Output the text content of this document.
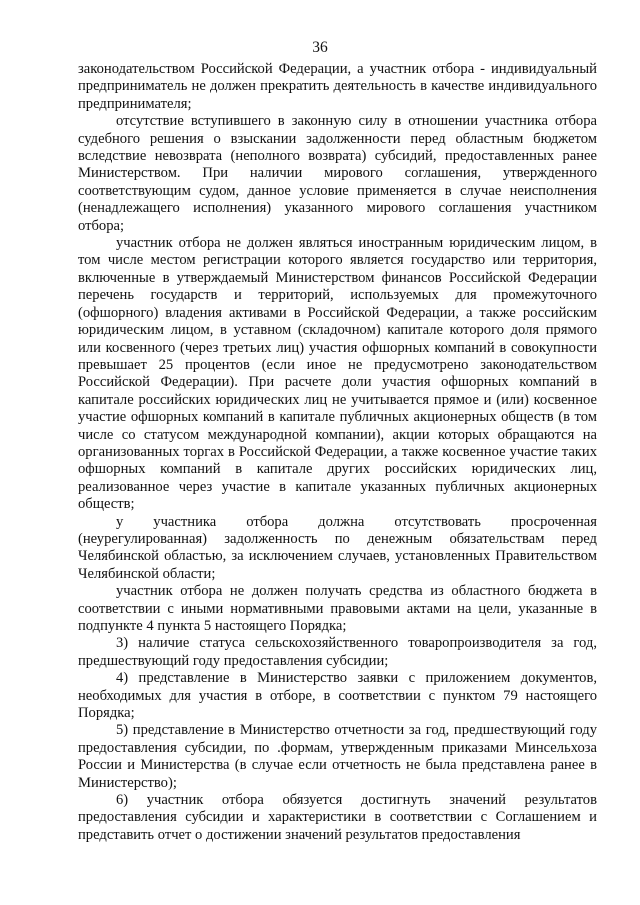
36

законодательством Российской Федерации, а участник отбора - индивидуальный предприниматель не должен прекратить деятельность в качестве индивидуального предпринимателя;

отсутствие вступившего в законную силу в отношении участника отбора судебного решения о взыскании задолженности перед областным бюджетом вследствие невозврата (неполного возврата) субсидий, предоставленных ранее Министерством. При наличии мирового соглашения, утвержденного соответствующим судом, данное условие применяется в случае неисполнения (ненадлежащего исполнения) указанного мирового соглашения участником отбора;

участник отбора не должен являться иностранным юридическим лицом, в том числе местом регистрации которого является государство или территория, включенные в утверждаемый Министерством финансов Российской Федерации перечень государств и территорий, используемых для промежуточного (офшорного) владения активами в Российской Федерации, а также российским юридическим лицом, в уставном (складочном) капитале которого доля прямого или косвенного (через третьих лиц) участия офшорных компаний в совокупности превышает 25 процентов (если иное не предусмотрено законодательством Российской Федерации). При расчете доли участия офшорных компаний в капитале российских юридических лиц не учитывается прямое и (или) косвенное участие офшорных компаний в капитале публичных акционерных обществ (в том числе со статусом международной компании), акции которых обращаются на организованных торгах в Российской Федерации, а также косвенное участие таких офшорных компаний в капитале других российских юридических лиц, реализованное через участие в капитале указанных публичных акционерных обществ;

у участника отбора должна отсутствовать просроченная (неурегулированная) задолженность по денежным обязательствам перед Челябинской областью, за исключением случаев, установленных Правительством Челябинской области;

участник отбора не должен получать средства из областного бюджета в соответствии с иными нормативными правовыми актами на цели, указанные в подпункте 4 пункта 5 настоящего Порядка;

3) наличие статуса сельскохозяйственного товаропроизводителя за год, предшествующий году предоставления субсидии;

4) представление в Министерство заявки с приложением документов, необходимых для участия в отборе, в соответствии с пунктом 79 настоящего Порядка;

5) представление в Министерство отчетности за год, предшествующий году предоставления субсидии, по .формам, утвержденным приказами Минсельхоза России и Министерства (в случае если отчетность не была представлена ранее в Министерство);

6) участник отбора обязуется достигнуть значений результатов предоставления субсидии и характеристики в соответствии с Соглашением и представить отчет о достижении значений результатов предоставления
